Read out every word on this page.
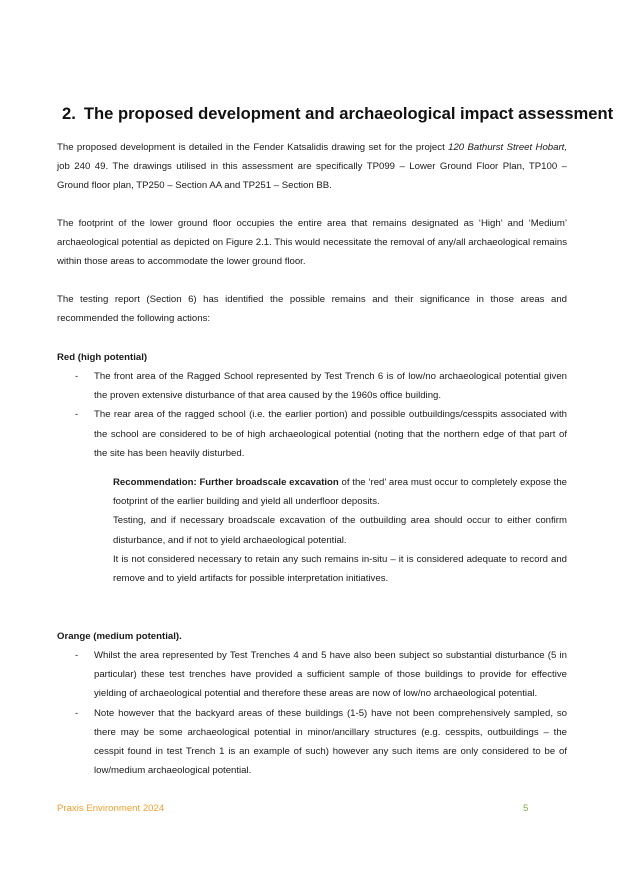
2. The proposed development and archaeological impact assessment

The proposed development is detailed in the Fender Katsalidis drawing set for the project 120 Bathurst Street Hobart, job 240 49. The drawings utilised in this assessment are specifically TP099 – Lower Ground Floor Plan, TP100 – Ground floor plan, TP250 – Section AA and TP251 – Section BB.

The footprint of the lower ground floor occupies the entire area that remains designated as ‘High’ and ‘Medium’ archaeological potential as depicted on Figure 2.1. This would necessitate the removal of any/all archaeological remains within those areas to accommodate the lower ground floor.

The testing report (Section 6) has identified the possible remains and their significance in those areas and recommended the following actions:

Red (high potential)

- The front area of the Ragged School represented by Test Trench 6 is of low/no archaeological potential given the proven extensive disturbance of that area caused by the 1960s office building.
- The rear area of the ragged school (i.e. the earlier portion) and possible outbuildings/cesspits associated with the school are considered to be of high archaeological potential (noting that the northern edge of that part of the site has been heavily disturbed.

Recommendation: Further broadscale excavation of the ‘red’ area must occur to completely expose the footprint of the earlier building and yield all underfloor deposits.

Testing, and if necessary broadscale excavation of the outbuilding area should occur to either confirm disturbance, and if not to yield archaeological potential.

It is not considered necessary to retain any such remains in-situ – it is considered adequate to record and remove and to yield artifacts for possible interpretation initiatives.

Orange (medium potential).

- Whilst the area represented by Test Trenches 4 and 5 have also been subject so substantial disturbance (5 in particular) these test trenches have provided a sufficient sample of those buildings to provide for effective yielding of archaeological potential and therefore these areas are now of low/no archaeological potential.
- Note however that the backyard areas of these buildings (1-5) have not been comprehensively sampled, so there may be some archaeological potential in minor/ancillary structures (e.g. cesspits, outbuildings – the cesspit found in test Trench 1 is an example of such) however any such items are only considered to be of low/medium archaeological potential.
Praxis Environment 2024	5
